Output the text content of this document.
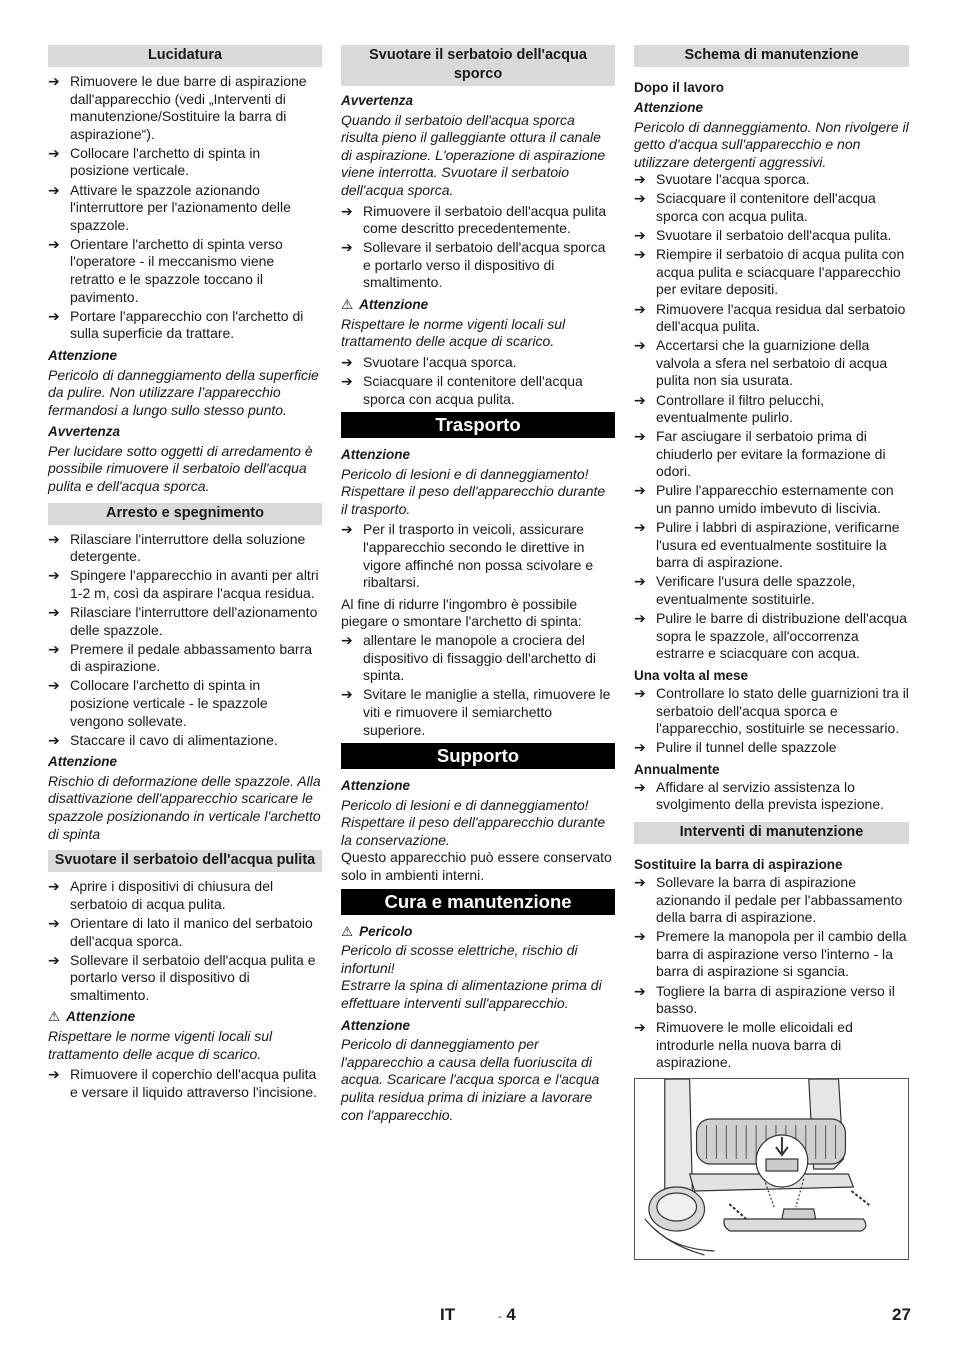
Lucidatura
➔ Rimuovere le due barre di aspirazione dall'apparecchio (vedi „Interventi di manutenzione/Sostituire la barra di aspirazione“).
➔ Collocare l'archetto di spinta in posizione verticale.
➔ Attivare le spazzole azionando l'interruttore per l'azionamento delle spazzole.
➔ Orientare l'archetto di spinta verso l'operatore - il meccanismo viene retratto e le spazzole toccano il pavimento.
➔ Portare l'apparecchio con l'archetto di sulla superficie da trattare.
Attenzione
Pericolo di danneggiamento della superficie da pulire. Non utilizzare l’apparecchio fermandosi a lungo sullo stesso punto.
Avvertenza
Per lucidare sotto oggetti di arredamento è possibile rimuovere il serbatoio dell'acqua pulita e dell'acqua sporca.
Arresto e spegnimento
➔ Rilasciare l'interruttore della soluzione detergente.
➔ Spingere l'apparecchio in avanti per altri 1-2 m, così da aspirare l'acqua residua.
➔ Rilasciare l'interruttore dell'azionamento delle spazzole.
➔ Premere il pedale abbassamento barra di aspirazione.
➔ Collocare l'archetto di spinta in posizione verticale - le spazzole vengono sollevate.
➔ Staccare il cavo di alimentazione.
Attenzione
Rischio di deformazione delle spazzole. Alla disattivazione dell'apparecchio scaricare le spazzole posizionando in verticale l'archetto di spinta
Svuotare il serbatoio dell'acqua pulita
➔ Aprire i dispositivi di chiusura del serbatoio di acqua pulita.
➔ Orientare di lato il manico del serbatoio dell'acqua sporca.
➔ Sollevare il serbatoio dell'acqua pulita e portarlo verso il dispositivo di smaltimento.
⚠ Attenzione
Rispettare le norme vigenti locali sul trattamento delle acque di scarico.
➔ Rimuovere il coperchio dell'acqua pulita e versare il liquido attraverso l'incisione.
Svuotare il serbatoio dell'acqua sporco
Avvertenza
Quando il serbatoio dell'acqua sporca risulta pieno il galleggiante ottura il canale di aspirazione. L'operazione di aspirazione viene interrotta. Svuotare il serbatoio dell'acqua sporca.
➔ Rimuovere il serbatoio dell'acqua pulita come descritto precedentemente.
➔ Sollevare il serbatoio dell'acqua sporca e portarlo verso il dispositivo di smaltimento.
⚠ Attenzione
Rispettare le norme vigenti locali sul trattamento delle acque di scarico.
➔ Svuotare l'acqua sporca.
➔ Sciacquare il contenitore dell'acqua sporca con acqua pulita.
Trasporto
Attenzione
Pericolo di lesioni e di danneggiamento! Rispettare il peso dell'apparecchio durante il trasporto.
➔ Per il trasporto in veicoli, assicurare l'apparecchio secondo le direttive in vigore affinché non possa scivolare e ribaltarsi.
Al fine di ridurre l'ingombro è possibile piegare o smontare l'archetto di spinta:
➔ allentare le manopole a crociera del dispositivo di fissaggio dell'archetto di spinta.
➔ Svitare le maniglie a stella, rimuovere le viti e rimuovere il semiarchetto superiore.
Supporto
Attenzione
Pericolo di lesioni e di danneggiamento! Rispettare il peso dell'apparecchio durante la conservazione.
Questo apparecchio può essere conservato solo in ambienti interni.
Cura e manutenzione
⚠ Pericolo
Pericolo di scosse elettriche, rischio di infortuni!
Estrarre la spina di alimentazione prima di effettuare interventi sull'apparecchio.
Attenzione
Pericolo di danneggiamento per l'apparecchio a causa della fuoriuscita di acqua. Scaricare l'acqua sporca e l'acqua pulita residua prima di iniziare a lavorare con l'apparecchio.
Schema di manutenzione
Dopo il lavoro
Attenzione
Pericolo di danneggiamento. Non rivolgere il getto d'acqua sull'apparecchio e non utilizzare detergenti aggressivi.
➔ Svuotare l'acqua sporca.
➔ Sciacquare il contenitore dell'acqua sporca con acqua pulita.
➔ Svuotare il serbatoio dell'acqua pulita.
➔ Riempire il serbatoio di acqua pulita con acqua pulita e sciacquare l'apparecchio per evitare depositi.
➔ Rimuovere l'acqua residua dal serbatoio dell'acqua pulita.
➔ Accertarsi che la guarnizione della valvola a sfera nel serbatoio di acqua pulita non sia usurata.
➔ Controllare il filtro pelucchi, eventualmente pulirlo.
➔ Far asciugare il serbatoio prima di chiuderlo per evitare la formazione di odori.
➔ Pulire l'apparecchio esternamente con un panno umido imbevuto di liscivia.
➔ Pulire i labbri di aspirazione, verificarne l'usura ed eventualmente sostituire la barra di aspirazione.
➔ Verificare l'usura delle spazzole, eventualmente sostituirle.
➔ Pulire le barre di distribuzione dell'acqua sopra le spazzole, all'occorrenza estrarre e sciacquare con acqua.
Una volta al mese
➔ Controllare lo stato delle guarnizioni tra il serbatoio dell'acqua sporca e l'apparecchio, sostituirle se necessario.
➔ Pulire il tunnel delle spazzole
Annualmente
➔ Affidare al servizio assistenza lo svolgimento della prevista ispezione.
Interventi di manutenzione
Sostituire la barra di aspirazione
➔ Sollevare la barra di aspirazione azionando il pedale per l'abbassamento della barra di aspirazione.
➔ Premere la manopola per il cambio della barra di aspirazione verso l'interno - la barra di aspirazione si sgancia.
➔ Togliere la barra di aspirazione verso il basso.
➔ Rimuovere le molle elicoidali ed introdurle nella nuova barra di aspirazione.
IT	- 4	27
